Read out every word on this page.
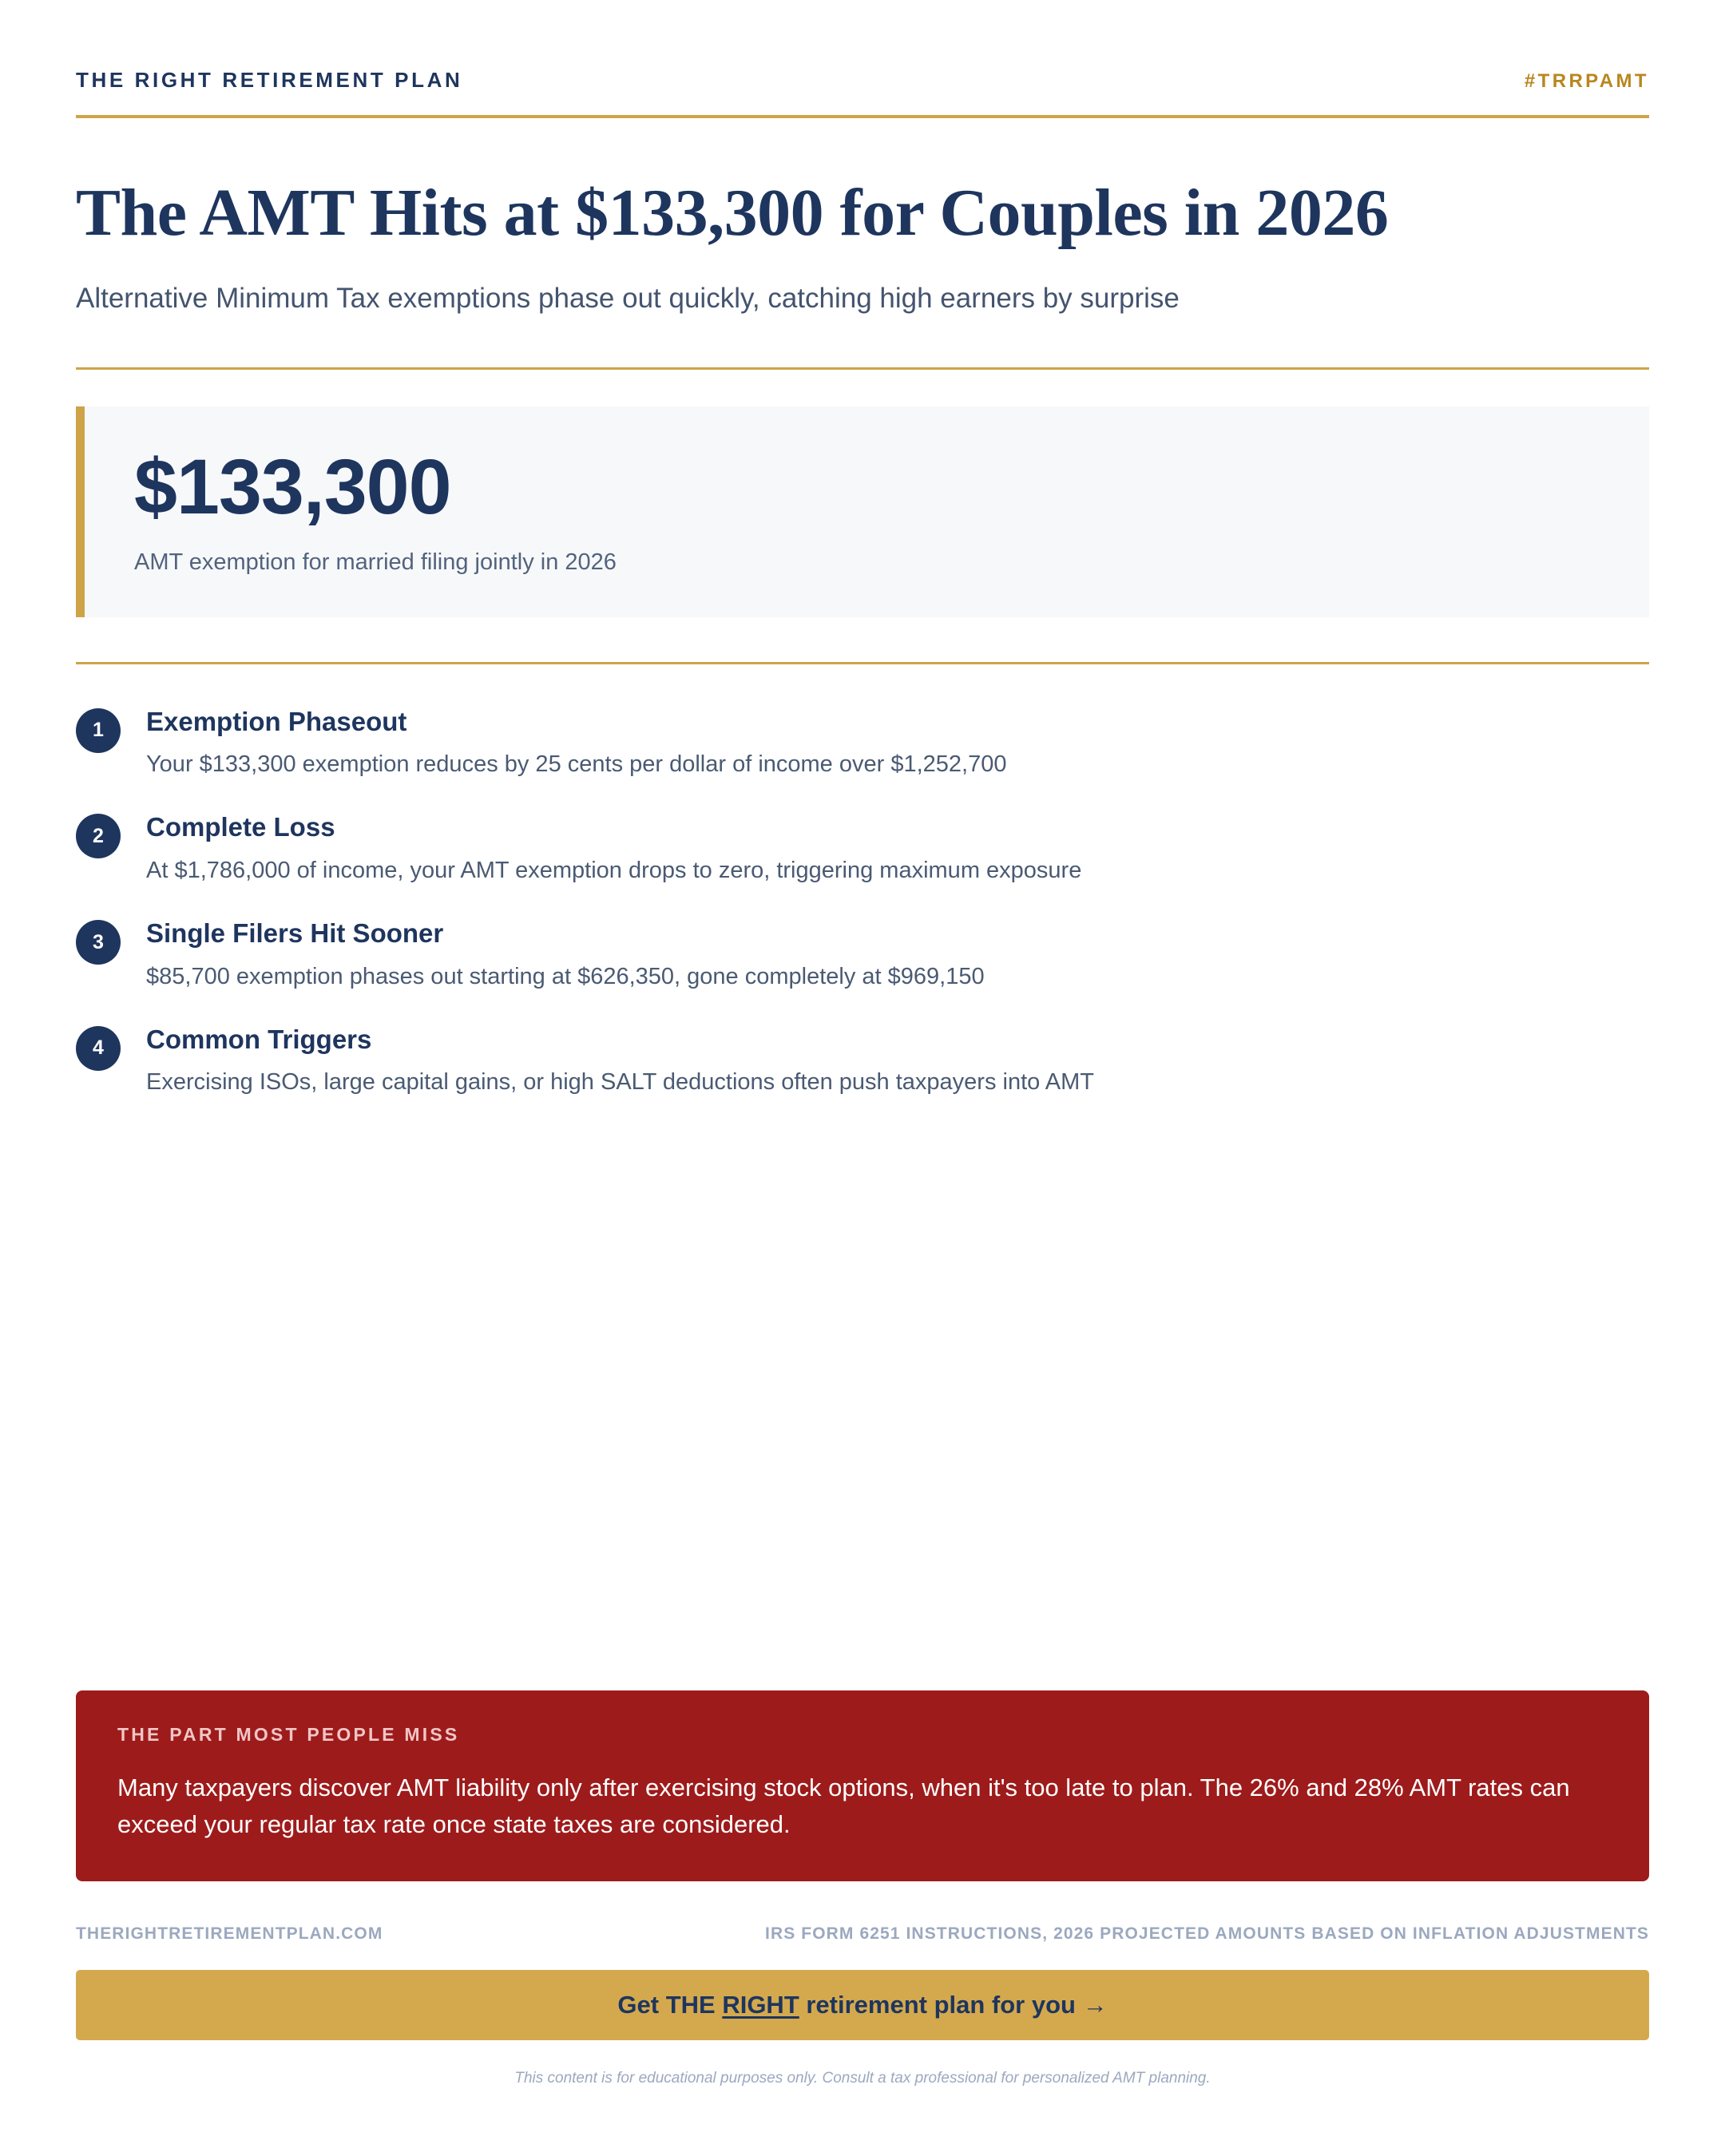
THE RIGHT RETIREMENT PLAN	#TRRPAMT
The AMT Hits at $133,300 for Couples in 2026

Alternative Minimum Tax exemptions phase out quickly, catching high earners by surprise

$133,300
AMT exemption for married filing jointly in 2026
1	Exemption Phaseout
Your $133,300 exemption reduces by 25 cents per dollar of income over $1,252,700
2	Complete Loss
At $1,786,000 of income, your AMT exemption drops to zero, triggering maximum exposure
3	Single Filers Hit Sooner
$85,700 exemption phases out starting at $626,350, gone completely at $969,150
4	Common Triggers
Exercising ISOs, large capital gains, or high SALT deductions often push taxpayers into AMT
THE PART MOST PEOPLE MISS
Many taxpayers discover AMT liability only after exercising stock options, when it's too late to plan. The 26% and 28% AMT rates can exceed your regular tax rate once state taxes are considered.
THERIGHTRETIREMENTPLAN.COM	IRS FORM 6251 INSTRUCTIONS, 2026 PROJECTED AMOUNTS BASED ON INFLATION ADJUSTMENTS
Get THE RIGHT retirement plan for you →
This content is for educational purposes only. Consult a tax professional for personalized AMT planning.
